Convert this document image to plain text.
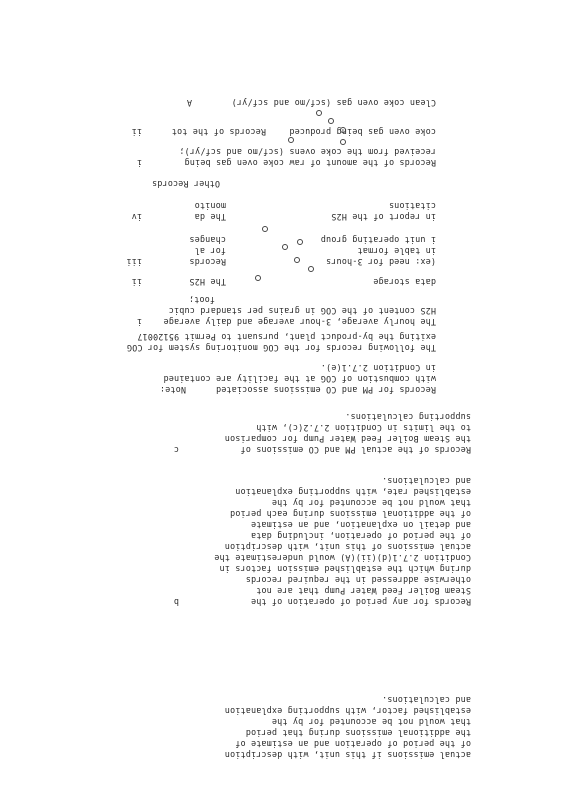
actual emissions if this unit, with description
of the period of operation and an estimate of
the additional emissions during that period
that would not be accounted for by the
established factor, with supporting explanation
and calculations.
b	Records for any period of operation of the
Steam Boiler Feed Water Pump that are not
otherwise addressed in the required records
during which the established emission factors in
Condition 2.7.1(d)(ii)(A) would underestimate the
actual emissions of this unit, with description
of the period of operation, including data
and detail on explanation, and an estimate
of the additional emissions during each period
that would not be accounted for by the
established rate, with supporting explanation
and calculations.
c	Records of the actual PM and CO emissions of
the Steam Boiler Feed Water Pump for comparison
to the limits in Condition 2.7.2(c), with
supporting calculations.
Note:	Records for PM and CO emissions associated
with combustion of COG at the facility are contained
in Condition 2.7.1(e).
The following records for the COG monitoring system for COG
exiting the by-product plant, pursuant to Permit 95120017
i	The hourly average, 3-hour average and daily average
H2S content of the COG in grains per standard cubic
foot;
ii	The H2S	data storage
iii	Records
for al
(ex: need for 3-hours
in table format
changes	i unit operating group
iv	The da	in report of the H2S
monito	citations
Other Records
i	Records of the amount of raw coke oven gas being
received from the coke ovens (scf/mo and scf/yr);
ii	Records of the tot	coke oven gas being produced
A	Clean coke oven gas (scf/mo and scf/yr)
